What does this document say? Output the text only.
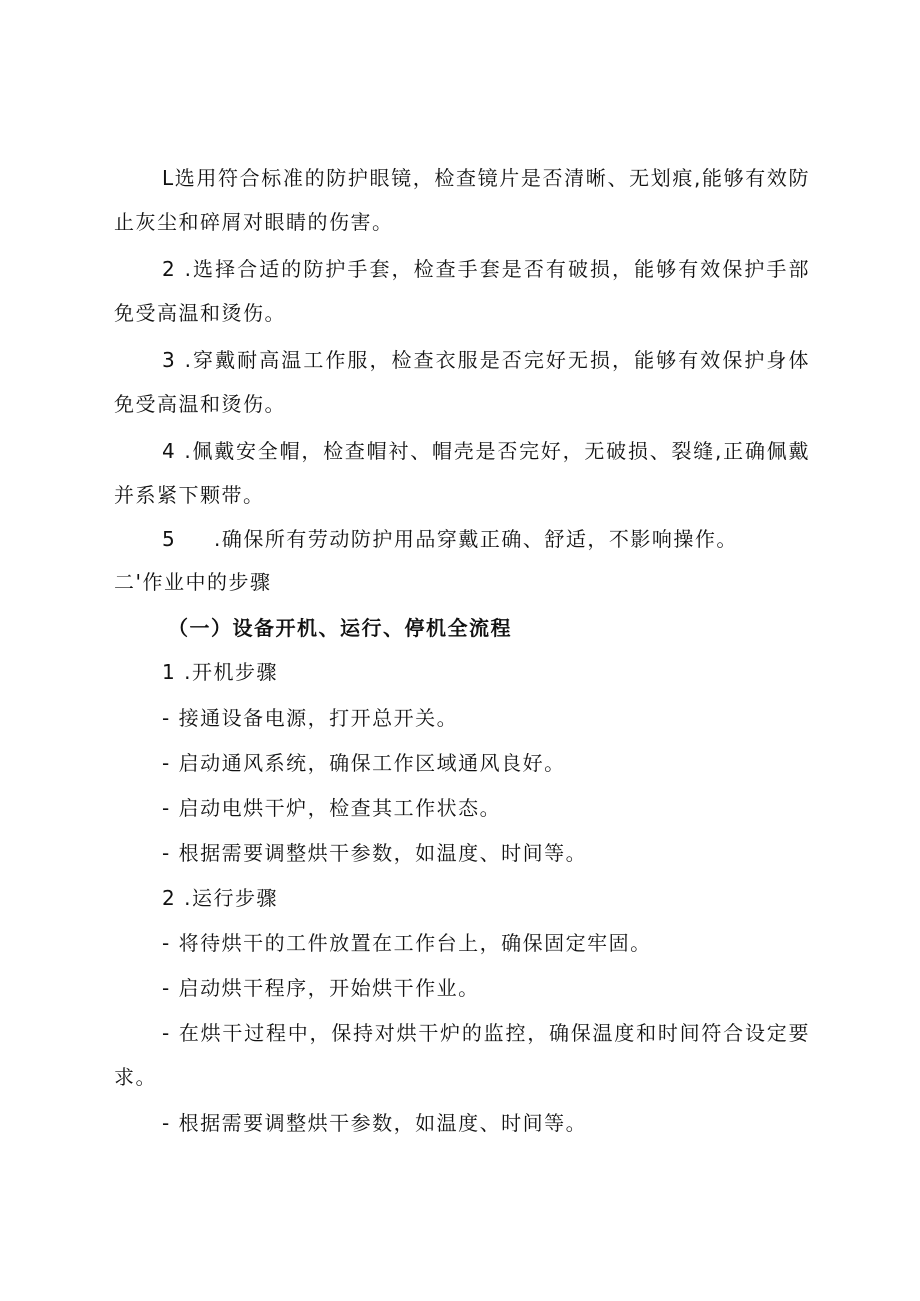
L选用符合标准的防护眼镜，检查镜片是否清晰、无划痕,能够有效防
止灰尘和碎屑对眼睛的伤害。
2 .选择合适的防护手套，检查手套是否有破损，能够有效保护手部
免受高温和烫伤。
3 .穿戴耐高温工作服，检查衣服是否完好无损，能够有效保护身体
免受高温和烫伤。
4 .佩戴安全帽，检查帽衬、帽壳是否完好，无破损、裂缝,正确佩戴
并系紧下颗带。
5 .确保所有劳动防护用品穿戴正确、舒适，不影响操作。
二'作业中的步骤
（一）设备开机、运行、停机全流程
1 .开机步骤
- 接通设备电源，打开总开关。
- 启动通风系统，确保工作区域通风良好。
- 启动电烘干炉，检查其工作状态。
- 根据需要调整烘干参数，如温度、时间等。
2 .运行步骤
- 将待烘干的工件放置在工作台上，确保固定牢固。
- 启动烘干程序，开始烘干作业。
- 在烘干过程中，保持对烘干炉的监控，确保温度和时间符合设定要
求。
- 根据需要调整烘干参数，如温度、时间等。
